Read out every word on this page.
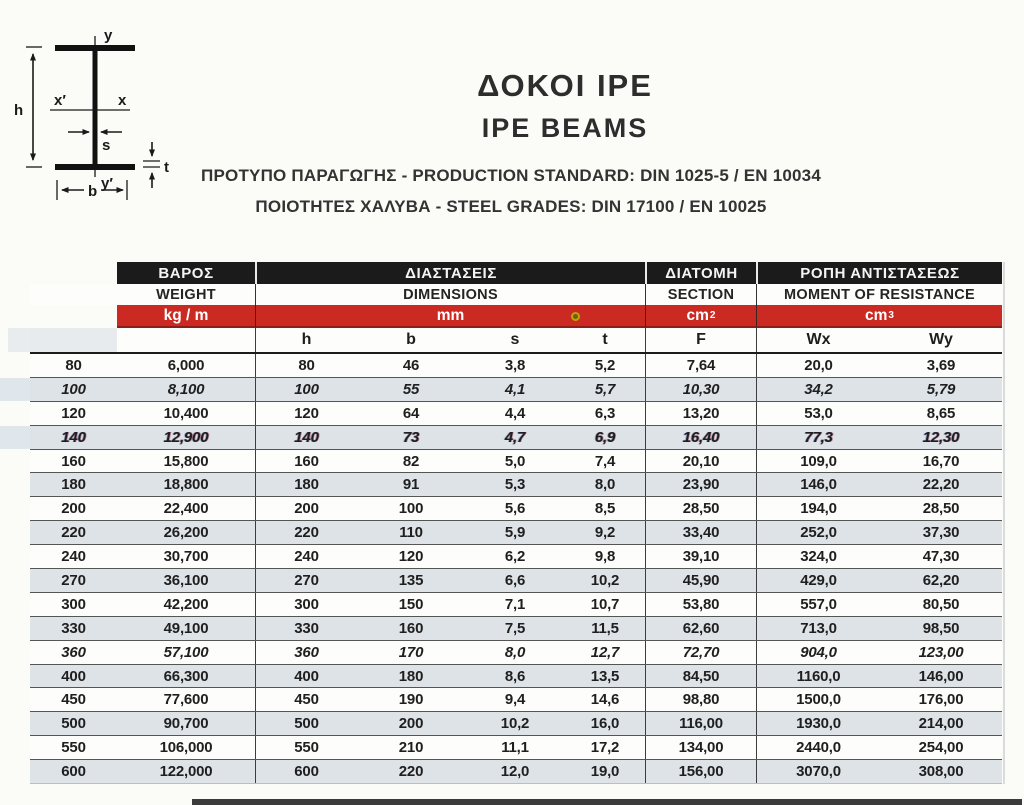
y
y′
x′	x
h
s
b
t
ΔΟΚΟΙ IPE
IPE BEAMS
ΠΡΟΤΥΠΟ ΠΑΡΑΓΩΓΗΣ - PRODUCTION STANDARD: DIN 1025-5 / EN 10034
ΠΟΙΟΤΗΤΕΣ ΧΑΛΥΒΑ - STEEL GRADES: DIN 17100 / EN 10025
ΒΑΡΟΣ	ΔΙΑΣΤΑΣΕΙΣ	ΔΙΑΤΟΜΗ	ΡΟΠΗ ΑΝΤΙΣΤΑΣΕΩΣ
WEIGHT	DIMENSIONS	SECTION	MOMENT OF RESISTANCE
kg / m	mm	cm 2	cm 3
h	b	s	t	F	Wx	Wy
80	6,000	80	46	3,8	5,2	7,64	20,0	3,69
100	8,100	100	55	4,1	5,7	10,30	34,2	5,79
120	10,400	120	64	4,4	6,3	13,20	53,0	8,65
140	12,900	140	73	4,7	6,9	16,40	77,3	12,30
160	15,800	160	82	5,0	7,4	20,10	109,0	16,70
180	18,800	180	91	5,3	8,0	23,90	146,0	22,20
200	22,400	200	100	5,6	8,5	28,50	194,0	28,50
220	26,200	220	110	5,9	9,2	33,40	252,0	37,30
240	30,700	240	120	6,2	9,8	39,10	324,0	47,30
270	36,100	270	135	6,6	10,2	45,90	429,0	62,20
300	42,200	300	150	7,1	10,7	53,80	557,0	80,50
330	49,100	330	160	7,5	11,5	62,60	713,0	98,50
360	57,100	360	170	8,0	12,7	72,70	904,0	123,00
400	66,300	400	180	8,6	13,5	84,50	1160,0	146,00
450	77,600	450	190	9,4	14,6	98,80	1500,0	176,00
500	90,700	500	200	10,2	16,0	116,00	1930,0	214,00
550	106,000	550	210	11,1	17,2	134,00	2440,0	254,00
600	122,000	600	220	12,0	19,0	156,00	3070,0	308,00
